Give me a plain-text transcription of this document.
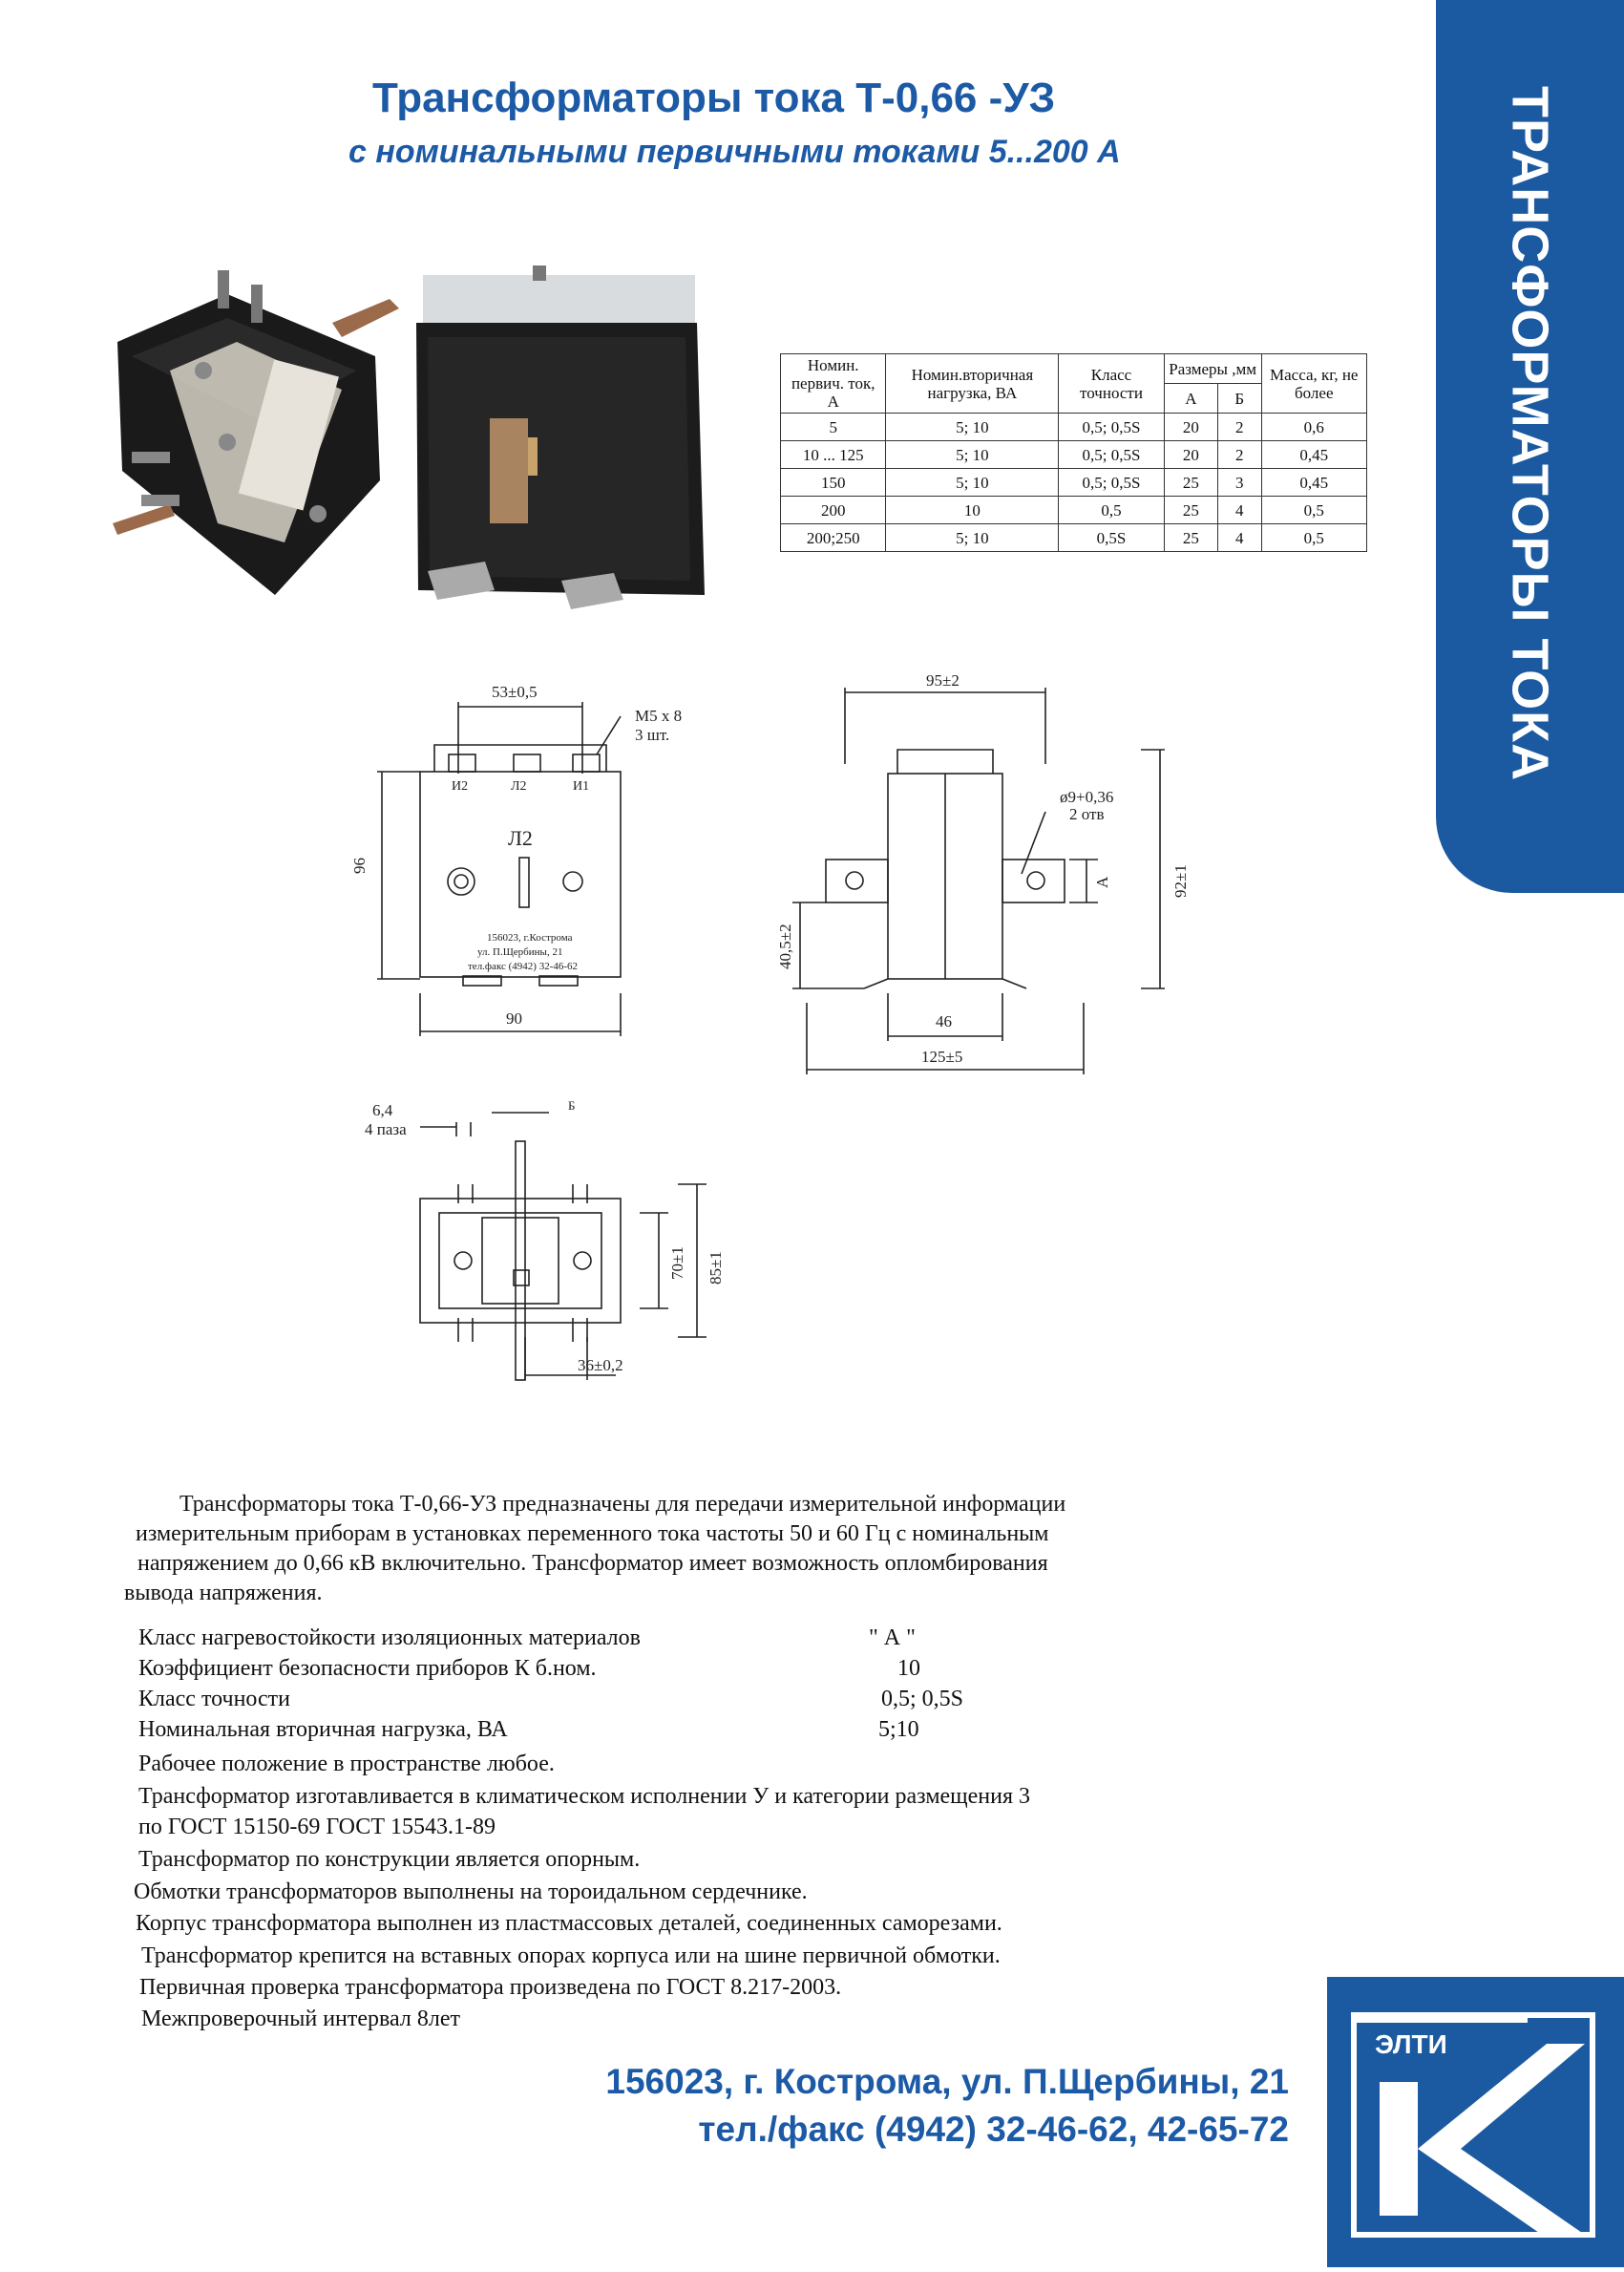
Трансформаторы тока Т-0,66 -УЗ
с номинальными первичными токами 5...200 А	ТРАНСФОРМАТОРЫ ТОКА
Номин. первич. ток, А	Номин.вторичная нагрузка, ВА	Класс точности	Размеры ,мм		Масса, кг, не более
			А	Б	
5	5; 10	0,5; 0,5S	20	2	0,6
10 ... 125	5; 10	0,5; 0,5S	20	2	0,45
150	5; 10	0,5; 0,5S	25	3	0,45
200	10	0,5	25	4	0,5
200;250	5; 10	0,5S	25	4	0,5
53±0,5
М5 х 8
3 шт.
96
90
И2	Л2	И1
Л2
156023, г.Кострома
ул. П.Щербины, 21
тел.факс (4942) 32-46-62
95±2
ø9+0,36
2 отв
92±1
40,5±2
А
46
125±5
6,4
4 паза
Б
70±1 85±1
36±0,2

Трансформаторы тока Т-0,66-УЗ предназначены для передачи измерительной информации

измерительным приборам в установках переменного тока частоты 50 и 60 Гц с номинальным

напряжением до 0,66 кВ включительно. Трансформатор имеет возможность опломбирования

вывода напряжения.

Класс нагревостойкости изоляционных материалов	" А "
Коэффициент безопасности приборов К б.ном.	10
Класс точности	0,5; 0,5S
Номинальная вторичная нагрузка, ВА	5;10
Рабочее положение в пространстве любое.
Трансформатор изготавливается в климатическом исполнении У и категории размещения 3
по ГОСТ 15150-69 ГОСТ 15543.1-89
Трансформатор по конструкции является опорным.
Обмотки трансформаторов выполнены на тороидальном сердечнике.
Корпус трансформатора выполнен из пластмассовых деталей, соединенных саморезами.
Трансформатор крепится на вставных опорах корпуса или на шине первичной обмотки.
Первичная проверка трансформатора произведена по ГОСТ 8.217-2003.
Межпроверочный интервал 8лет
156023, г. Кострома, ул. П.Щербины, 21
тел./факс (4942) 32-46-62, 42-65-72
ЭЛТИ
